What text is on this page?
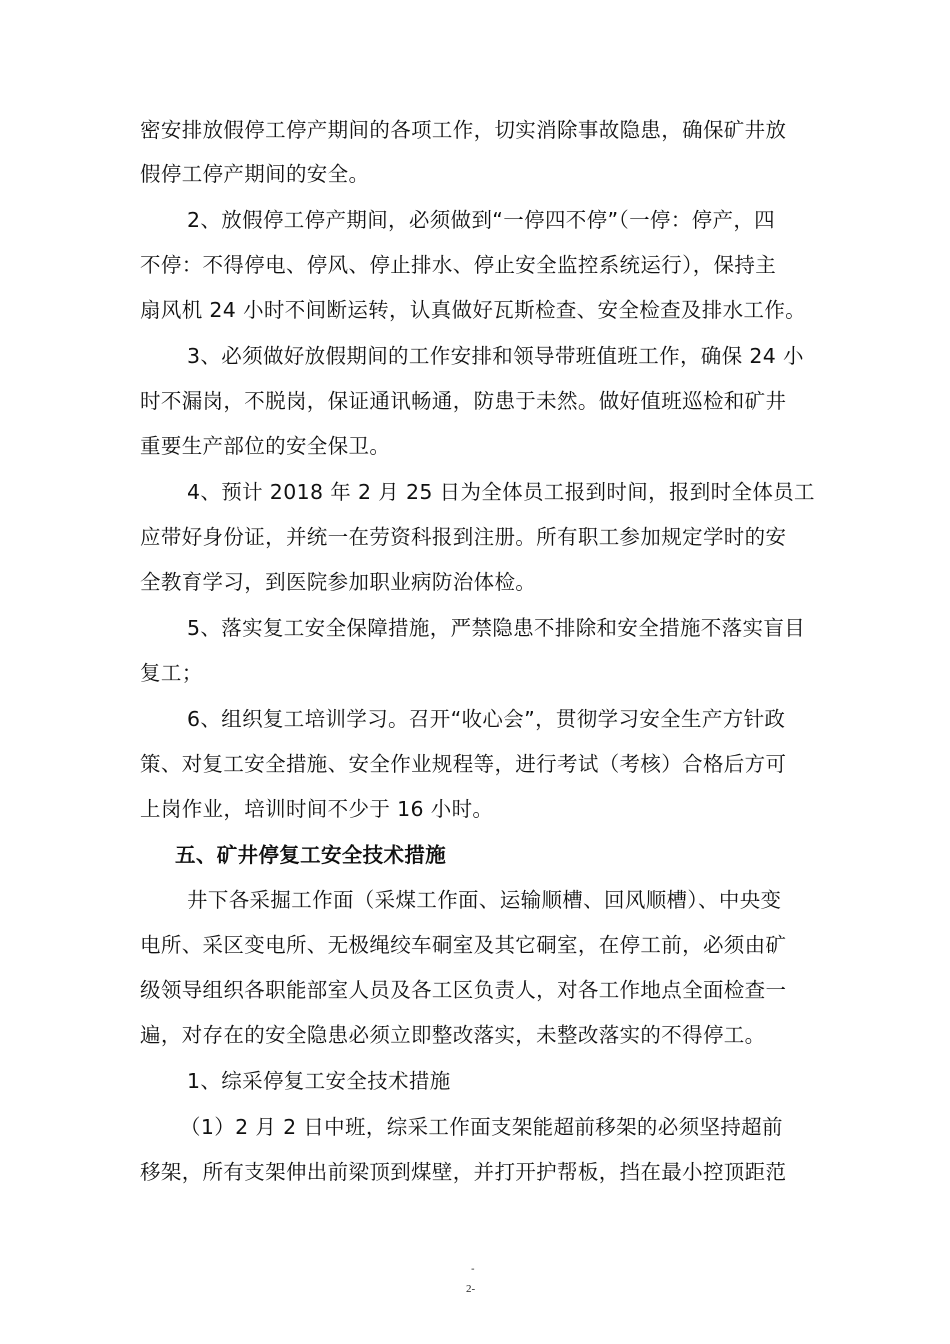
密安排放假停工停产期间的各项工作，切实消除事故隐患，确保矿井放
假停工停产期间的安全。
2、放假停工停产期间，必须做到“一停四不停”（一停：停产，四
不停：不得停电、停风、停止排水、停止安全监控系统运行），保持主
扇风机 24 小时不间断运转，认真做好瓦斯检查、安全检查及排水工作。
3、必须做好放假期间的工作安排和领导带班值班工作，确保 24 小
时不漏岗，不脱岗，保证通讯畅通，防患于未然。做好值班巡检和矿井
重要生产部位的安全保卫。
4、预计 2018 年 2 月 25 日为全体员工报到时间，报到时全体员工
应带好身份证，并统一在劳资科报到注册。所有职工参加规定学时的安
全教育学习，到医院参加职业病防治体检。
5、落实复工安全保障措施，严禁隐患不排除和安全措施不落实盲目
复工；
6、组织复工培训学习。召开“收心会”，贯彻学习安全生产方针政
策、对复工安全措施、安全作业规程等，进行考试（考核）合格后方可
上岗作业，培训时间不少于 16 小时。
五、矿井停复工安全技术措施
井下各采掘工作面（采煤工作面、运输顺槽、回风顺槽）、中央变
电所、采区变电所、无极绳绞车硐室及其它硐室，在停工前，必须由矿
级领导组织各职能部室人员及各工区负责人，对各工作地点全面检查一
遍，对存在的安全隐患必须立即整改落实，未整改落实的不得停工。
1、综采停复工安全技术措施
（1）2 月 2 日中班，综采工作面支架能超前移架的必须坚持超前
移架，所有支架伸出前梁顶到煤壁，并打开护帮板，挡在最小控顶距范
-
2-
